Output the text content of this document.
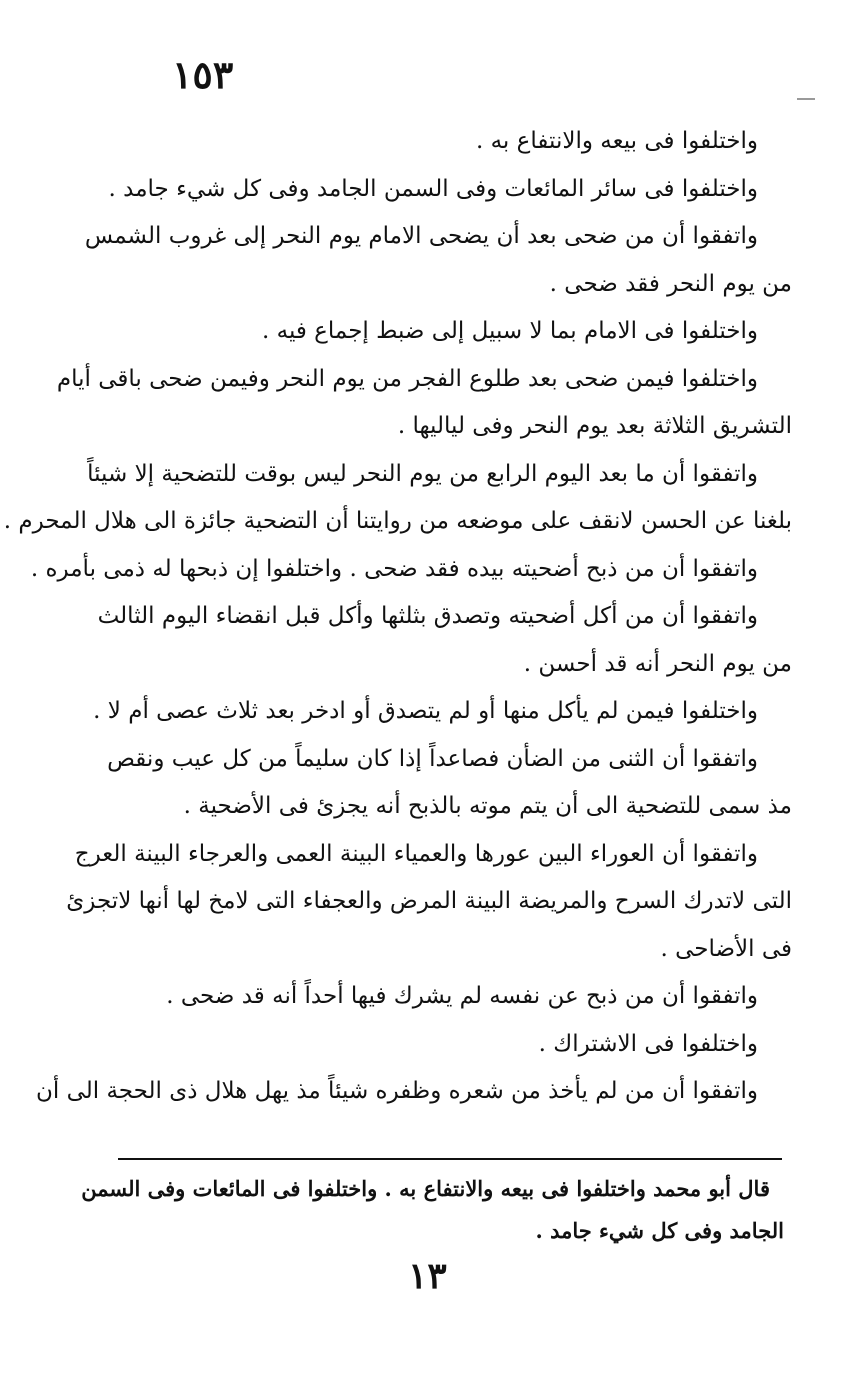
١٥٣
واختلفوا فى بيعه والانتفاع به .
واختلفوا فى سائر المائعات وفى السمن الجامد وفى كل شيء جامد .
واتفقوا أن من ضحى بعد أن يضحى الامام يوم النحر إلى غروب الشمس
من يوم النحر فقد ضحى .
واختلفوا فى الامام بما لا سبيل إلى ضبط إجماع فيه .
واختلفوا فيمن ضحى بعد طلوع الفجر من يوم النحر وفيمن ضحى باقى أيام
التشريق الثلاثة بعد يوم النحر وفى لياليها .
واتفقوا أن ما بعد اليوم الرابع من يوم النحر ليس بوقت للتضحية إلا شيئاً
بلغنا عن الحسن لانقف على موضعه من روايتنا أن التضحية جائزة الى هلال المحرم .
واتفقوا أن من ذبح أضحيته بيده فقد ضحى . واختلفوا إن ذبحها له ذمى بأمره .
واتفقوا أن من أكل أضحيته وتصدق بثلثها وأكل قبل انقضاء اليوم الثالث
من يوم النحر أنه قد أحسن .
واختلفوا فيمن لم يأكل منها أو لم يتصدق أو ادخر بعد ثلاث عصى أم لا .
واتفقوا أن الثنى من الضأن فصاعداً إذا كان سليماً من كل عيب ونقص
مذ سمى للتضحية الى أن يتم موته بالذبح أنه يجزئ فى الأضحية .
واتفقوا أن العوراء البين عورها والعمياء البينة العمى والعرجاء البينة العرج
التى لاتدرك السرح والمريضة البينة المرض والعجفاء التى لامخ لها أنها لاتجزئ
فى الأضاحى .
واتفقوا أن من ذبح عن نفسه لم يشرك فيها أحداً أنه قد ضحى .
واختلفوا فى الاشتراك .
واتفقوا أن من لم يأخذ من شعره وظفره شيئاً مذ يهل هلال ذى الحجة الى أن
قال أبو محمد واختلفوا فى بيعه والانتفاع به . واختلفوا فى المائعات وفى السمن
الجامد وفى كل شيء جامد .
١٣
